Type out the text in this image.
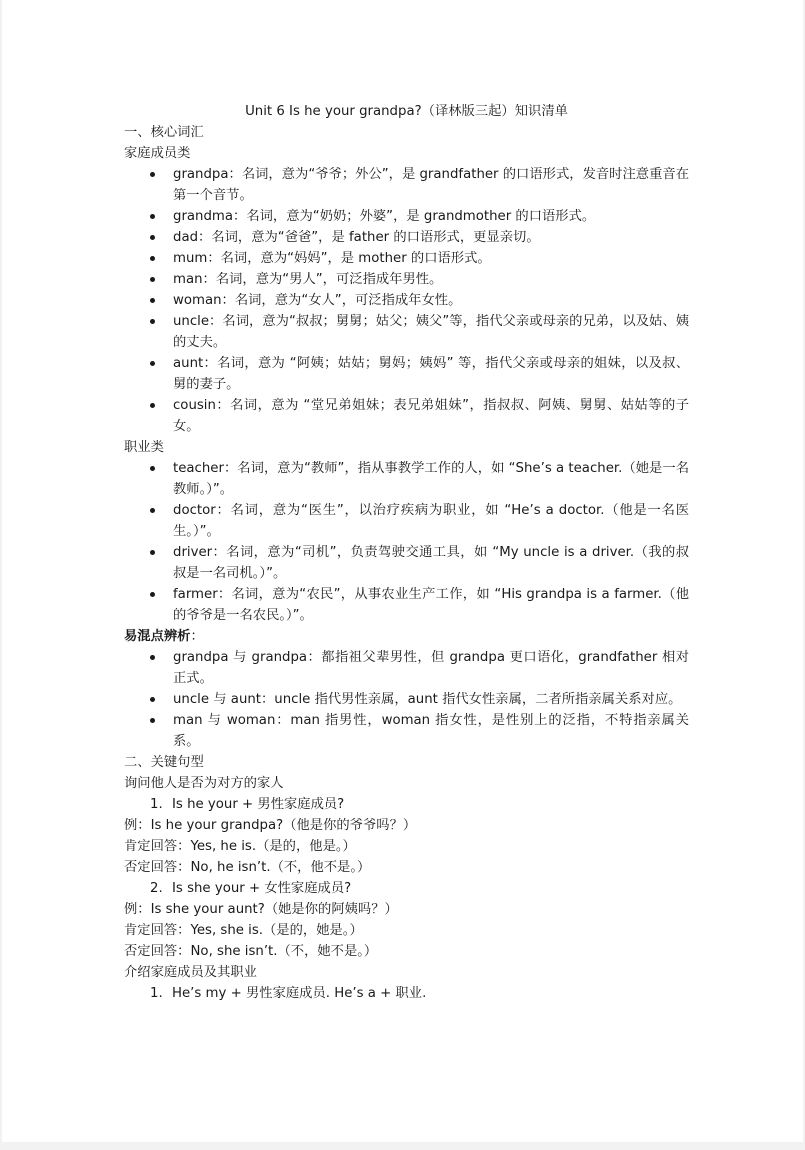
Unit 6 Is he your grandpa?（译林版三起）知识清单

一、核心词汇

家庭成员类

grandpa：名词，意为“爷爷；外公”，是 grandfather 的口语形式，发音时注意重音在第一个音节。
grandma：名词，意为“奶奶；外婆”，是 grandmother 的口语形式。
dad：名词，意为“爸爸”，是 father 的口语形式，更显亲切。
mum：名词，意为“妈妈”，是 mother 的口语形式。
man：名词，意为“男人”，可泛指成年男性。
woman：名词，意为“女人”，可泛指成年女性。
uncle：名词，意为“叔叔；舅舅；姑父；姨父”等，指代父亲或母亲的兄弟，以及姑、姨的丈夫。
aunt：名词，意为 “阿姨；姑姑；舅妈；姨妈” 等，指代父亲或母亲的姐妹，以及叔、舅的妻子。
cousin：名词，意为 “堂兄弟姐妹；表兄弟姐妹”，指叔叔、阿姨、舅舅、姑姑等的子女。

职业类

teacher：名词，意为“教师”，指从事教学工作的人，如 “She’s a teacher.（她是一名教师。）”。
doctor：名词，意为“医生”，以治疗疾病为职业，如 “He’s a doctor.（他是一名医生。）”。
driver：名词，意为“司机”，负责驾驶交通工具，如 “My uncle is a driver.（我的叔叔是一名司机。）”。
farmer：名词，意为“农民”，从事农业生产工作，如 “His grandpa is a farmer.（他的爷爷是一名农民。）”。

易混点辨析：

grandpa 与 grandpa：都指祖父辈男性，但 grandpa 更口语化，grandfather 相对正式。
uncle 与 aunt：uncle 指代男性亲属，aunt 指代女性亲属，二者所指亲属关系对应。
man 与 woman：man 指男性，woman 指女性，是性别上的泛指，不特指亲属关系。

二、关键句型

询问他人是否为对方的家人

1. Is he your + 男性家庭成员?

例：Is he your grandpa?（他是你的爷爷吗？）

肯定回答：Yes, he is.（是的，他是。）

否定回答：No, he isn’t.（不，他不是。）

2. Is she your + 女性家庭成员?

例：Is she your aunt?（她是你的阿姨吗？）

肯定回答：Yes, she is.（是的，她是。）

否定回答：No, she isn’t.（不，她不是。）

介绍家庭成员及其职业

1. He’s my + 男性家庭成员. He’s a + 职业.
